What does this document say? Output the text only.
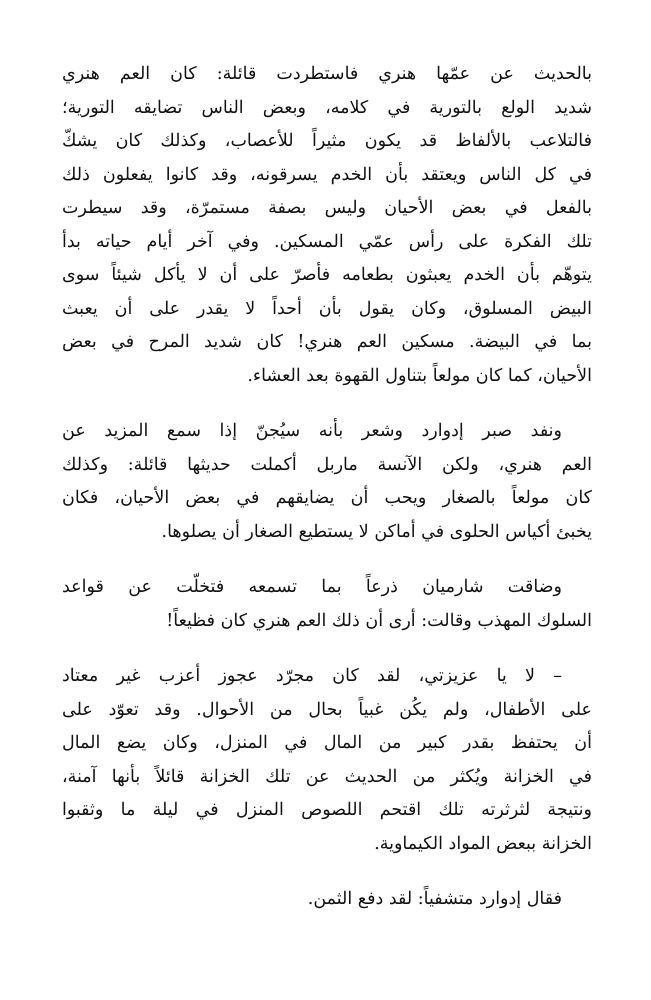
بالحديث عن عمّها هنري فاستطردت قائلة: كان العم هنري
شديد الولع بالتورية في كلامه، وبعض الناس تضايقه التورية؛
فالتلاعب بالألفاظ قد يكون مثيراً للأعصاب، وكذلك كان يشكّ
في كل الناس ويعتقد بأن الخدم يسرقونه، وقد كانوا يفعلون ذلك
بالفعل في بعض الأحيان وليس بصفة مستمرّة، وقد سيطرت
تلك الفكرة على رأس عمّي المسكين. وفي آخر أيام حياته بدأ
يتوهّم بأن الخدم يعبثون بطعامه فأصرّ على أن لا يأكل شيئاً سوى
البيض المسلوق، وكان يقول بأن أحداً لا يقدر على أن يعبث
بما في البيضة. مسكين العم هنري! كان شديد المرح في بعض
الأحيان، كما كان مولعاً بتناول القهوة بعد العشاء.

ونفد صبر إدوارد وشعر بأنه سيُجنّ إذا سمع المزيد عن
العم هنري، ولكن الآنسة ماربل أكملت حديثها قائلة: وكذلك
كان مولعاً بالصغار ويحب أن يضايقهم في بعض الأحيان، فكان
يخبئ أكياس الحلوى في أماكن لا يستطيع الصغار أن يصلوها.

وضاقت شارميان ذرعاً بما تسمعه فتخلّت عن قواعد
السلوك المهذب وقالت: أرى أن ذلك العم هنري كان فظيعاً!

– لا يا عزيزتي، لقد كان مجرّد عجوز أعزب غير معتاد
على الأطفال، ولم يكُن غبياً بحال من الأحوال. وقد تعوّد على
أن يحتفظ بقدر كبير من المال في المنزل، وكان يضع المال
في الخزانة ويُكثر من الحديث عن تلك الخزانة قائلاً بأنها آمنة،
ونتيجة لثرثرته تلك اقتحم اللصوص المنزل في ليلة ما وثقبوا
الخزانة ببعض المواد الكيماوية.

فقال إدوارد متشفياً: لقد دفع الثمن.
